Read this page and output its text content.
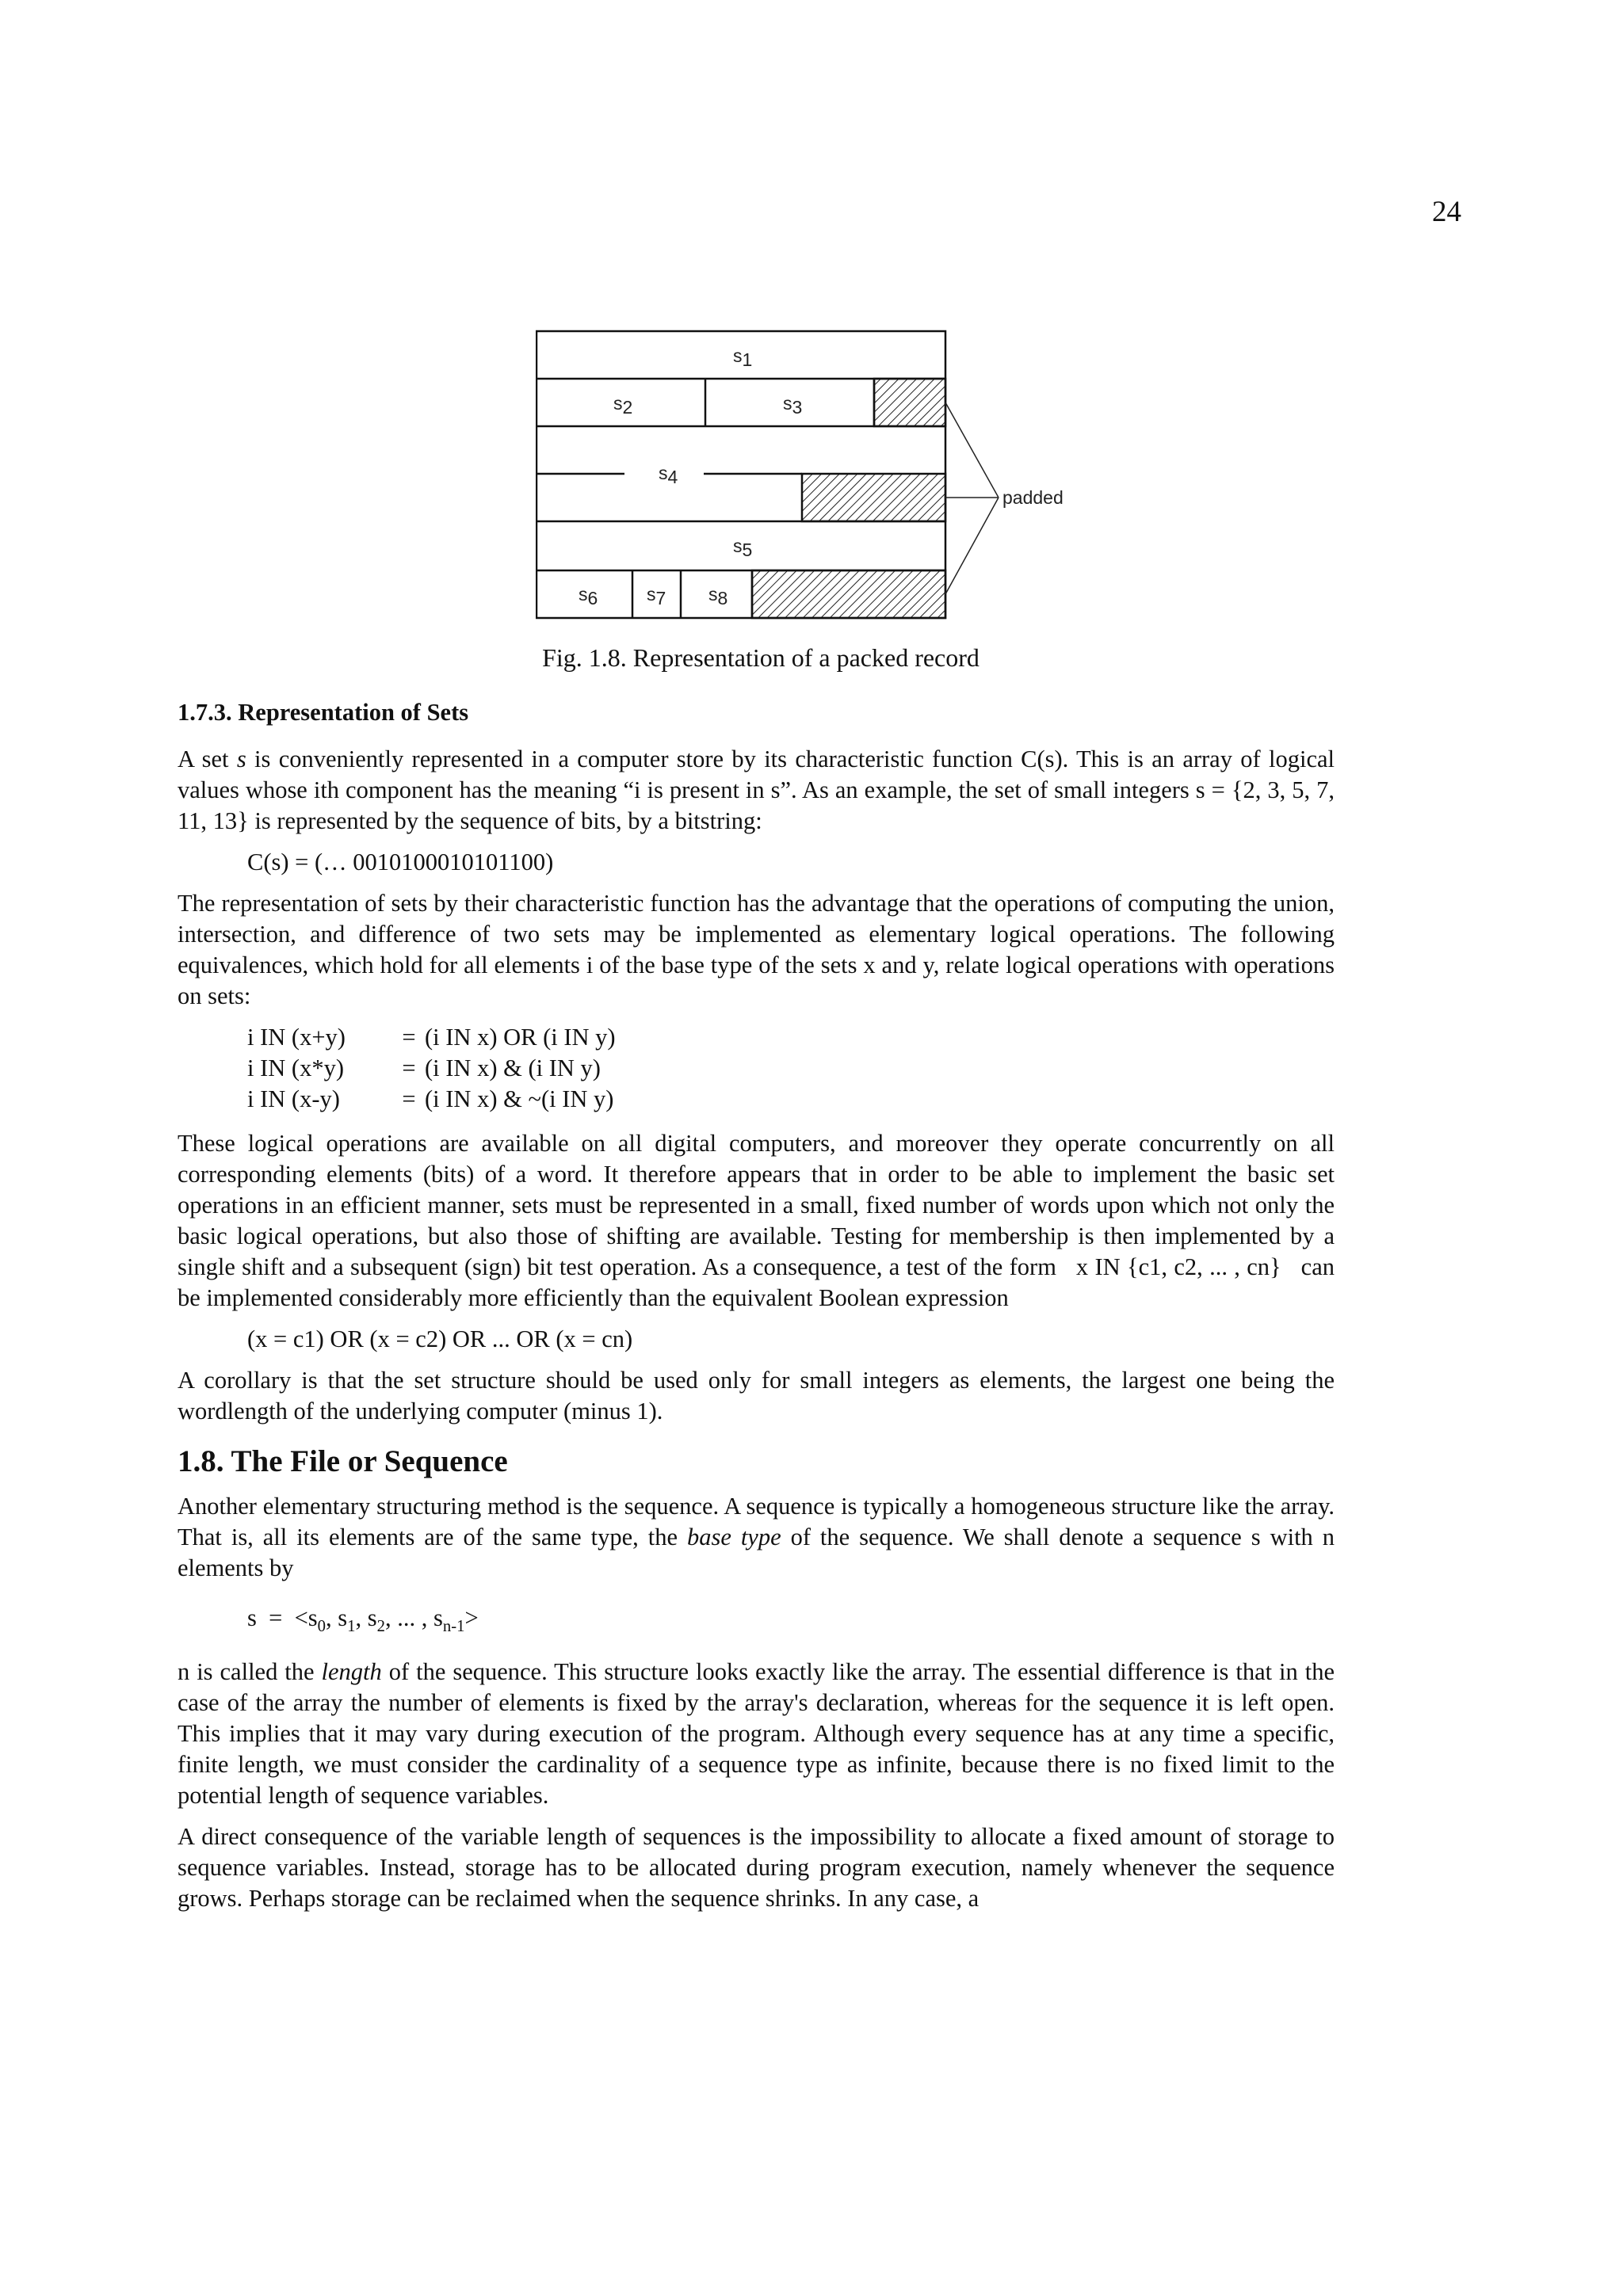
24
s1
s2	s3
s4
s5
s6	s7 s8
padded
Fig. 1.8. Representation of a packed record
1.7.3. Representation of Sets

A set s is conveniently represented in a computer store by its characteristic function C(s). This is an array of logical values whose ith component has the meaning “i is present in s”. As an example, the set of small integers s = {2, 3, 5, 7, 11, 13} is represented by the sequence of bits, by a bitstring:

C(s) = (… 0010100010101100)

The representation of sets by their characteristic function has the advantage that the operations of computing the union, intersection, and difference of two sets may be implemented as elementary logical operations. The following equivalences, which hold for all elements i of the base type of the sets x and y, relate logical operations with operations on sets:

i IN (x+y)	= (i IN x) OR (i IN y)
i IN (x*y)	= (i IN x) & (i IN y)
i IN (x-y)	= (i IN x) & ~(i IN y)

These logical operations are available on all digital computers, and moreover they operate concurrently on all corresponding elements (bits) of a word. It therefore appears that in order to be able to implement the basic set operations in an efficient manner, sets must be represented in a small, fixed number of words upon which not only the basic logical operations, but also those of shifting are available. Testing for membership is then implemented by a single shift and a subsequent (sign) bit test operation. As a consequence, a test of the form   x IN {c1, c2, ... , cn}   can be implemented considerably more efficiently than the equivalent Boolean expression

(x = c1) OR (x = c2) OR ... OR (x = cn)

A corollary is that the set structure should be used only for small integers as elements, the largest one being the wordlength of the underlying computer (minus 1).

1.8. The File or Sequence

Another elementary structuring method is the sequence. A sequence is typically a homogeneous structure like the array. That is, all its elements are of the same type, the base type of the sequence. We shall denote a sequence s with n elements by

$s = <s_0$, $s_1$, $s_2$, ... , $s_{n-1}>$

n is called the length of the sequence. This structure looks exactly like the array. The essential difference is that in the case of the array the number of elements is fixed by the array's declaration, whereas for the sequence it is left open. This implies that it may vary during execution of the program. Although every sequence has at any time a specific, finite length, we must consider the cardinality of a sequence type as infinite, because there is no fixed limit to the potential length of sequence variables.

A direct consequence of the variable length of sequences is the impossibility to allocate a fixed amount of storage to sequence variables. Instead, storage has to be allocated during program execution, namely whenever the sequence grows. Perhaps storage can be reclaimed when the sequence shrinks. In any case, a
